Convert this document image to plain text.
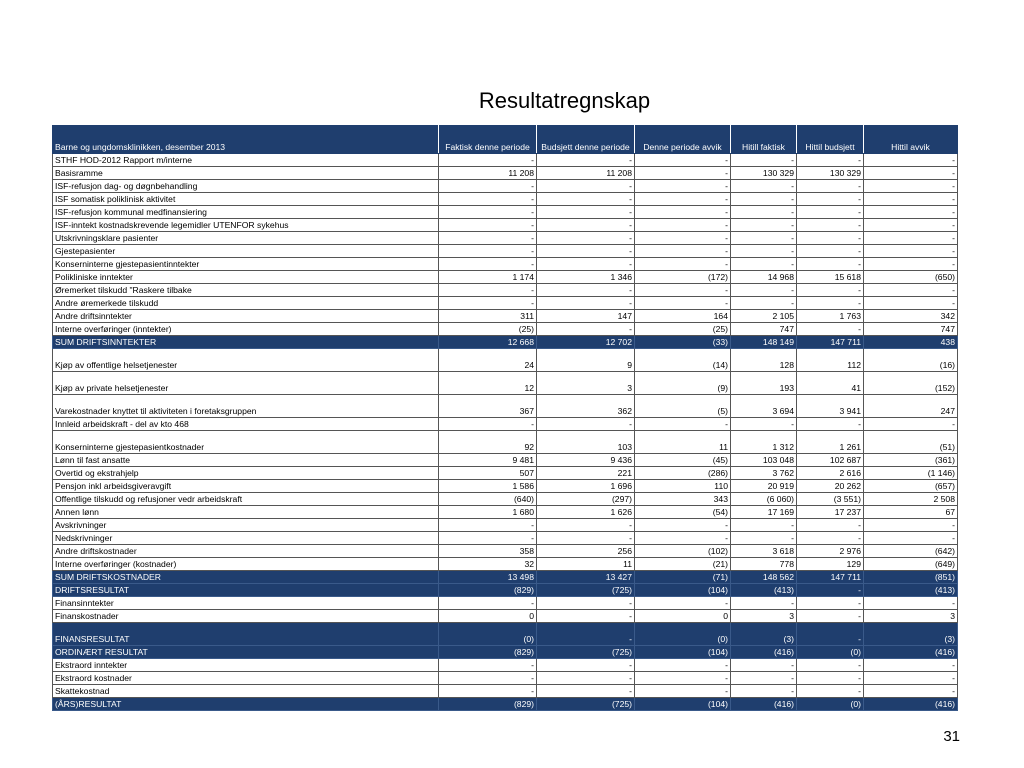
Resultatregnskap
Barne og ungdomsklinikken, desember 2013	Faktisk denne periode	Budsjett denne periode	Denne periode avvik	Hitill faktisk	Hittil budsjett	Hittil avvik
STHF HOD-2012 Rapport m/interne	-	-	-	-	-	-
Basisramme	11 208	11 208	-	130 329	130 329	-
ISF-refusjon dag- og døgnbehandling	-	-	-	-	-	-
ISF somatisk poliklinisk aktivitet	-	-	-	-	-	-
ISF-refusjon kommunal medfinansiering	-	-	-	-	-	-
ISF-inntekt kostnadskrevende legemidler UTENFOR sykehus	-	-	-	-	-	-
Utskrivningsklare pasienter	-	-	-	-	-	-
Gjestepasienter	-	-	-	-	-	-
Konserninterne gjestepasientinntekter	-	-	-	-	-	-
Polikliniske inntekter	1 174	1 346	(172)	14 968	15 618	(650)
Øremerket tilskudd "Raskere tilbake	-	-	-	-	-	-
Andre øremerkede tilskudd	-	-	-	-	-	-
Andre driftsinntekter	311	147	164	2 105	1 763	342
Interne overføringer (inntekter)	(25)	-	(25)	747	-	747
SUM DRIFTSINNTEKTER	12 668	12 702	(33)	148 149	147 711	438
Kjøp av offentlige helsetjenester	24	9	(14)	128	112	(16)
Kjøp av private helsetjenester	12	3	(9)	193	41	(152)
Varekostnader knyttet til aktiviteten i foretaksgruppen	367	362	(5)	3 694	3 941	247
Innleid arbeidskraft - del av kto 468	-	-	-	-	-	-
Konserninterne gjestepasientkostnader	92	103	11	1 312	1 261	(51)
Lønn til fast ansatte	9 481	9 436	(45)	103 048	102 687	(361)
Overtid og ekstrahjelp	507	221	(286)	3 762	2 616	(1 146)
Pensjon inkl arbeidsgiveravgift	1 586	1 696	110	20 919	20 262	(657)
Offentlige tilskudd og refusjoner vedr arbeidskraft	(640)	(297)	343	(6 060)	(3 551)	2 508
Annen lønn	1 680	1 626	(54)	17 169	17 237	67
Avskrivninger	-	-	-	-	-	-
Nedskrivninger	-	-	-	-	-	-
Andre driftskostnader	358	256	(102)	3 618	2 976	(642)
Interne overføringer (kostnader)	32	11	(21)	778	129	(649)
SUM DRIFTSKOSTNADER	13 498	13 427	(71)	148 562	147 711	(851)
DRIFTSRESULTAT	(829)	(725)	(104)	(413)	-	(413)
Finansinntekter	-	-	-	-	-	-
Finanskostnader	0	-	0	3	-	3
FINANSRESULTAT	(0)	-	(0)	(3)	-	(3)
ORDINÆRT RESULTAT	(829)	(725)	(104)	(416)	(0)	(416)
Ekstraord inntekter	-	-	-	-	-	-
Ekstraord kostnader	-	-	-	-	-	-
Skattekostnad	-	-	-	-	-	-
(ÅRS)RESULTAT	(829)	(725)	(104)	(416)	(0)	(416)
31
